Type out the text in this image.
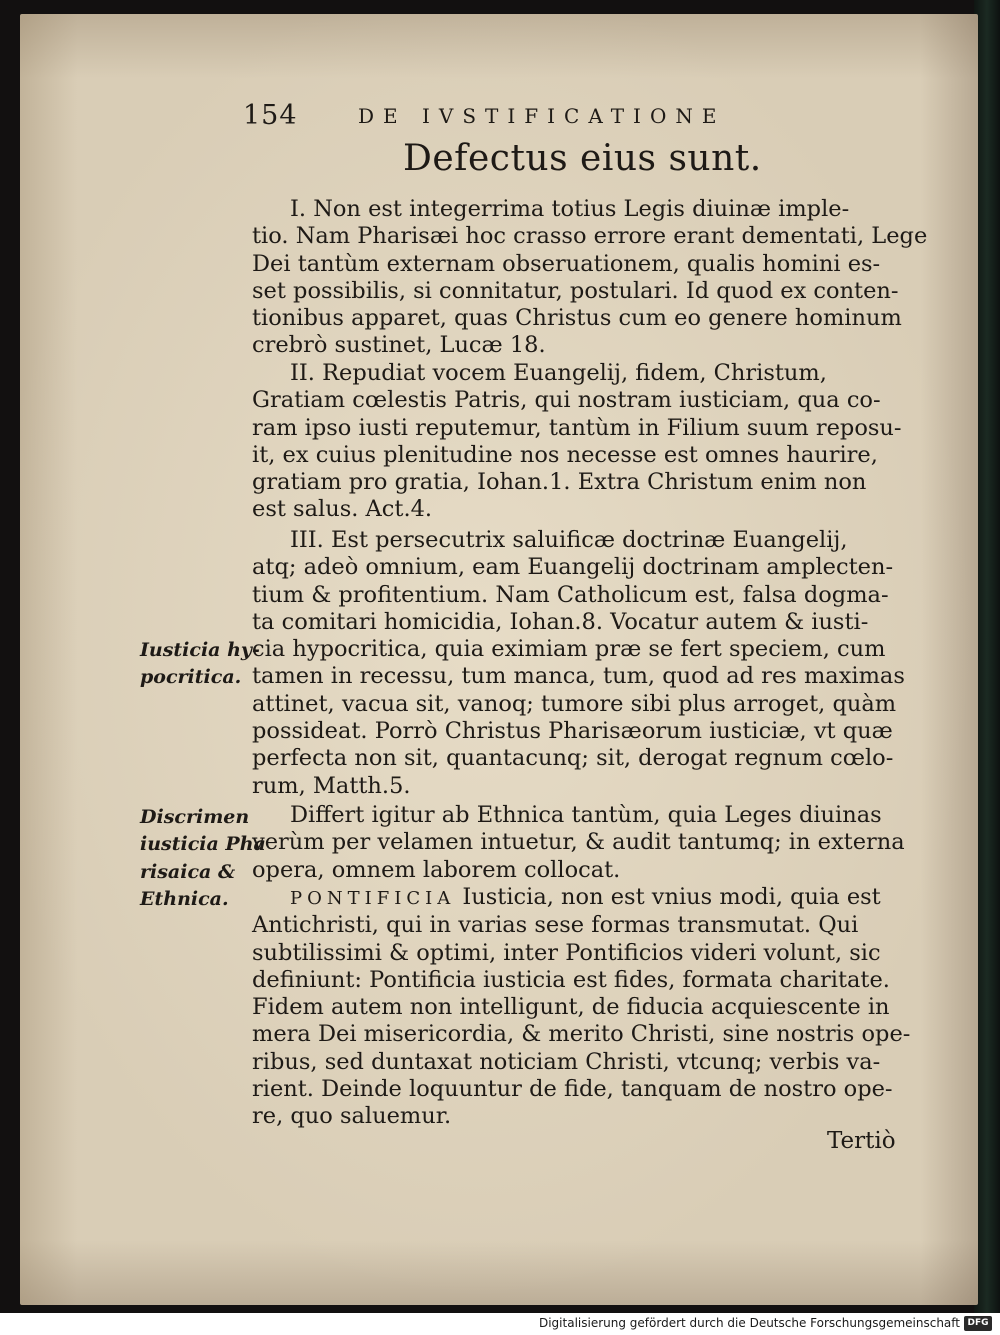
154	DE IVSTIFICATIONE
Defectus eius sunt.
I. Non est integerrima totius Legis diuinæ imple-
tio. Nam Pharisæi hoc crasso errore erant dementati, Lege
Dei tantùm externam obseruationem, qualis homini es-
set possibilis, si connitatur, postulari. Id quod ex conten-
tionibus apparet, quas Christus cum eo genere hominum
crebrò sustinet, Lucæ 18.
II. Repudiat vocem Euangelij, fidem, Christum,
Gratiam cœlestis Patris, qui nostram iusticiam, qua co-
ram ipso iusti reputemur, tantùm in Filium suum reposu-
it, ex cuius plenitudine nos necesse est omnes haurire,
gratiam pro gratia, Iohan.1. Extra Christum enim non
est salus. Act.4.
III. Est persecutrix saluificæ doctrinæ Euangelij,
atq; adeò omnium, eam Euangelij doctrinam amplecten-
tium & profitentium. Nam Catholicum est, falsa dogma-
ta comitari homicidia, Iohan.8. Vocatur autem & iusti-
cia hypocritica, quia eximiam præ se fert speciem, cum
tamen in recessu, tum manca, tum, quod ad res maximas
attinet, vacua sit, vanoq; tumore sibi plus arroget, quàm
possideat. Porrò Christus Pharisæorum iusticiæ, vt quæ
perfecta non sit, quantacunq; sit, derogat regnum cœlo-
rum, Matth.5.
Differt igitur ab Ethnica tantùm, quia Leges diuinas
verùm per velamen intuetur, & audit tantumq; in externa
opera, omnem laborem collocat.
PONTIFICIA Iusticia, non est vnius modi, quia est
Antichristi, qui in varias sese formas transmutat. Qui
subtilissimi & optimi, inter Pontificios videri volunt, sic
definiunt: Pontificia iusticia est fides, formata charitate.
Fidem autem non intelligunt, de fiducia acquiescente in
mera Dei misericordia, & merito Christi, sine nostris ope-
ribus, sed duntaxat noticiam Christi, vtcunq; verbis va-
rient. Deinde loquuntur de fide, tanquam de nostro ope-
re, quo saluemur.
Iusticia hy-
pocritica.
Discrimen
iusticia Pha
risaica &
Ethnica.
Tertiò
Digitalisierung gefördert durch die Deutsche Forschungsgemeinschaft DFG
